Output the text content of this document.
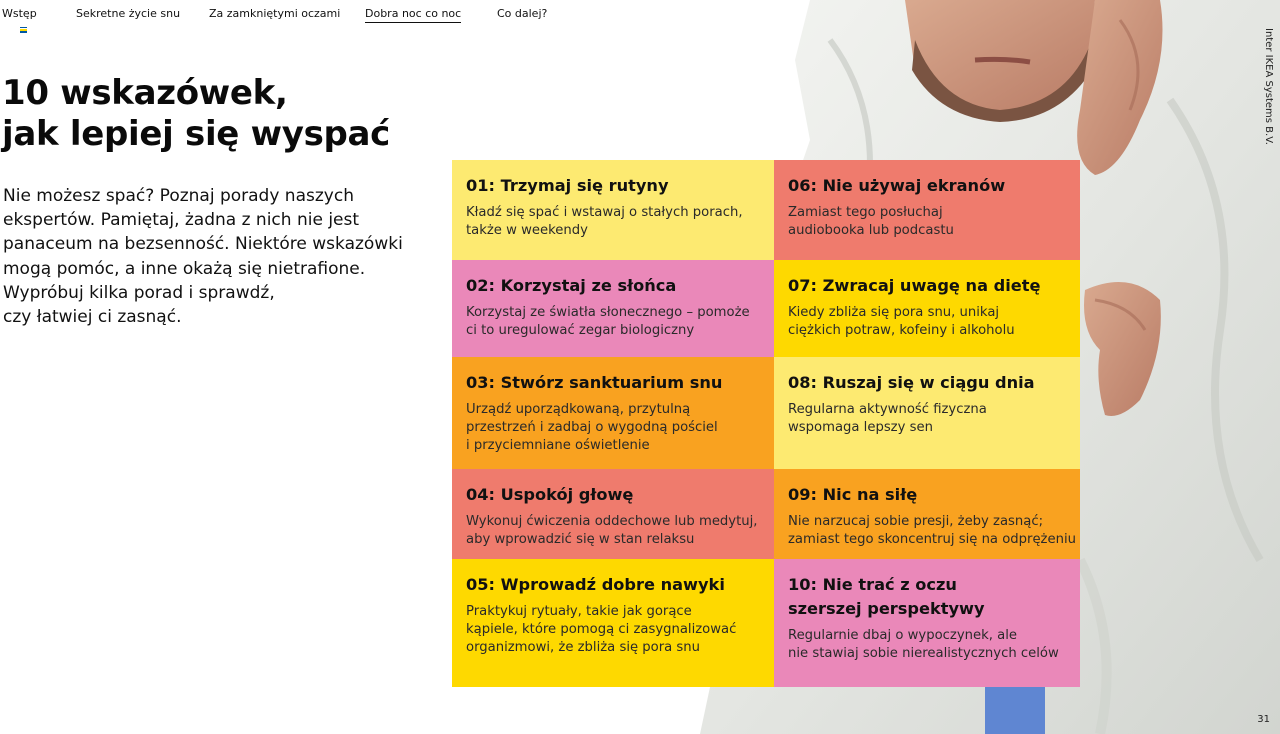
Wstęp	Sekretne życie snu	Za zamkniętymi oczami Dobra noc co noc	Co dalej?
Inter IKEA Systems B.V.
31
10 wskazówek,
jak lepiej się wyspać
Nie możesz spać? Poznaj porady naszych
ekspertów. Pamiętaj, żadna z nich nie jest
panaceum na bezsenność. Niektóre wskazówki
mogą pomóc, a inne okażą się nietrafione.
Wypróbuj kilka porad i sprawdź,
czy łatwiej ci zasnąć.
01: Trzymaj się rutyny

Kładź się spać i wstawaj o stałych porach,
także w weekendy

02: Korzystaj ze słońca

Korzystaj ze światła słonecznego – pomoże
ci to uregulować zegar biologiczny

03: Stwórz sanktuarium snu

Urządź uporządkowaną, przytulną
przestrzeń i zadbaj o wygodną pościel
i przyciemniane oświetlenie

04: Uspokój głowę

Wykonuj ćwiczenia oddechowe lub medytuj,
aby wprowadzić się w stan relaksu

05: Wprowadź dobre nawyki

Praktykuj rytuały, takie jak gorące
kąpiele, które pomogą ci zasygnalizować
organizmowi, że zbliża się pora snu

06: Nie używaj ekranów

Zamiast tego posłuchaj
audiobooka lub podcastu

07: Zwracaj uwagę na dietę

Kiedy zbliża się pora snu, unikaj
ciężkich potraw, kofeiny i alkoholu

08: Ruszaj się w ciągu dnia

Regularna aktywność fizyczna
wspomaga lepszy sen

09: Nic na siłę

Nie narzucaj sobie presji, żeby zasnąć;
zamiast tego skoncentruj się na odprężeniu

10: Nie trać z oczu
szerszej perspektywy

Regularnie dbaj o wypoczynek, ale
nie stawiaj sobie nierealistycznych celów
